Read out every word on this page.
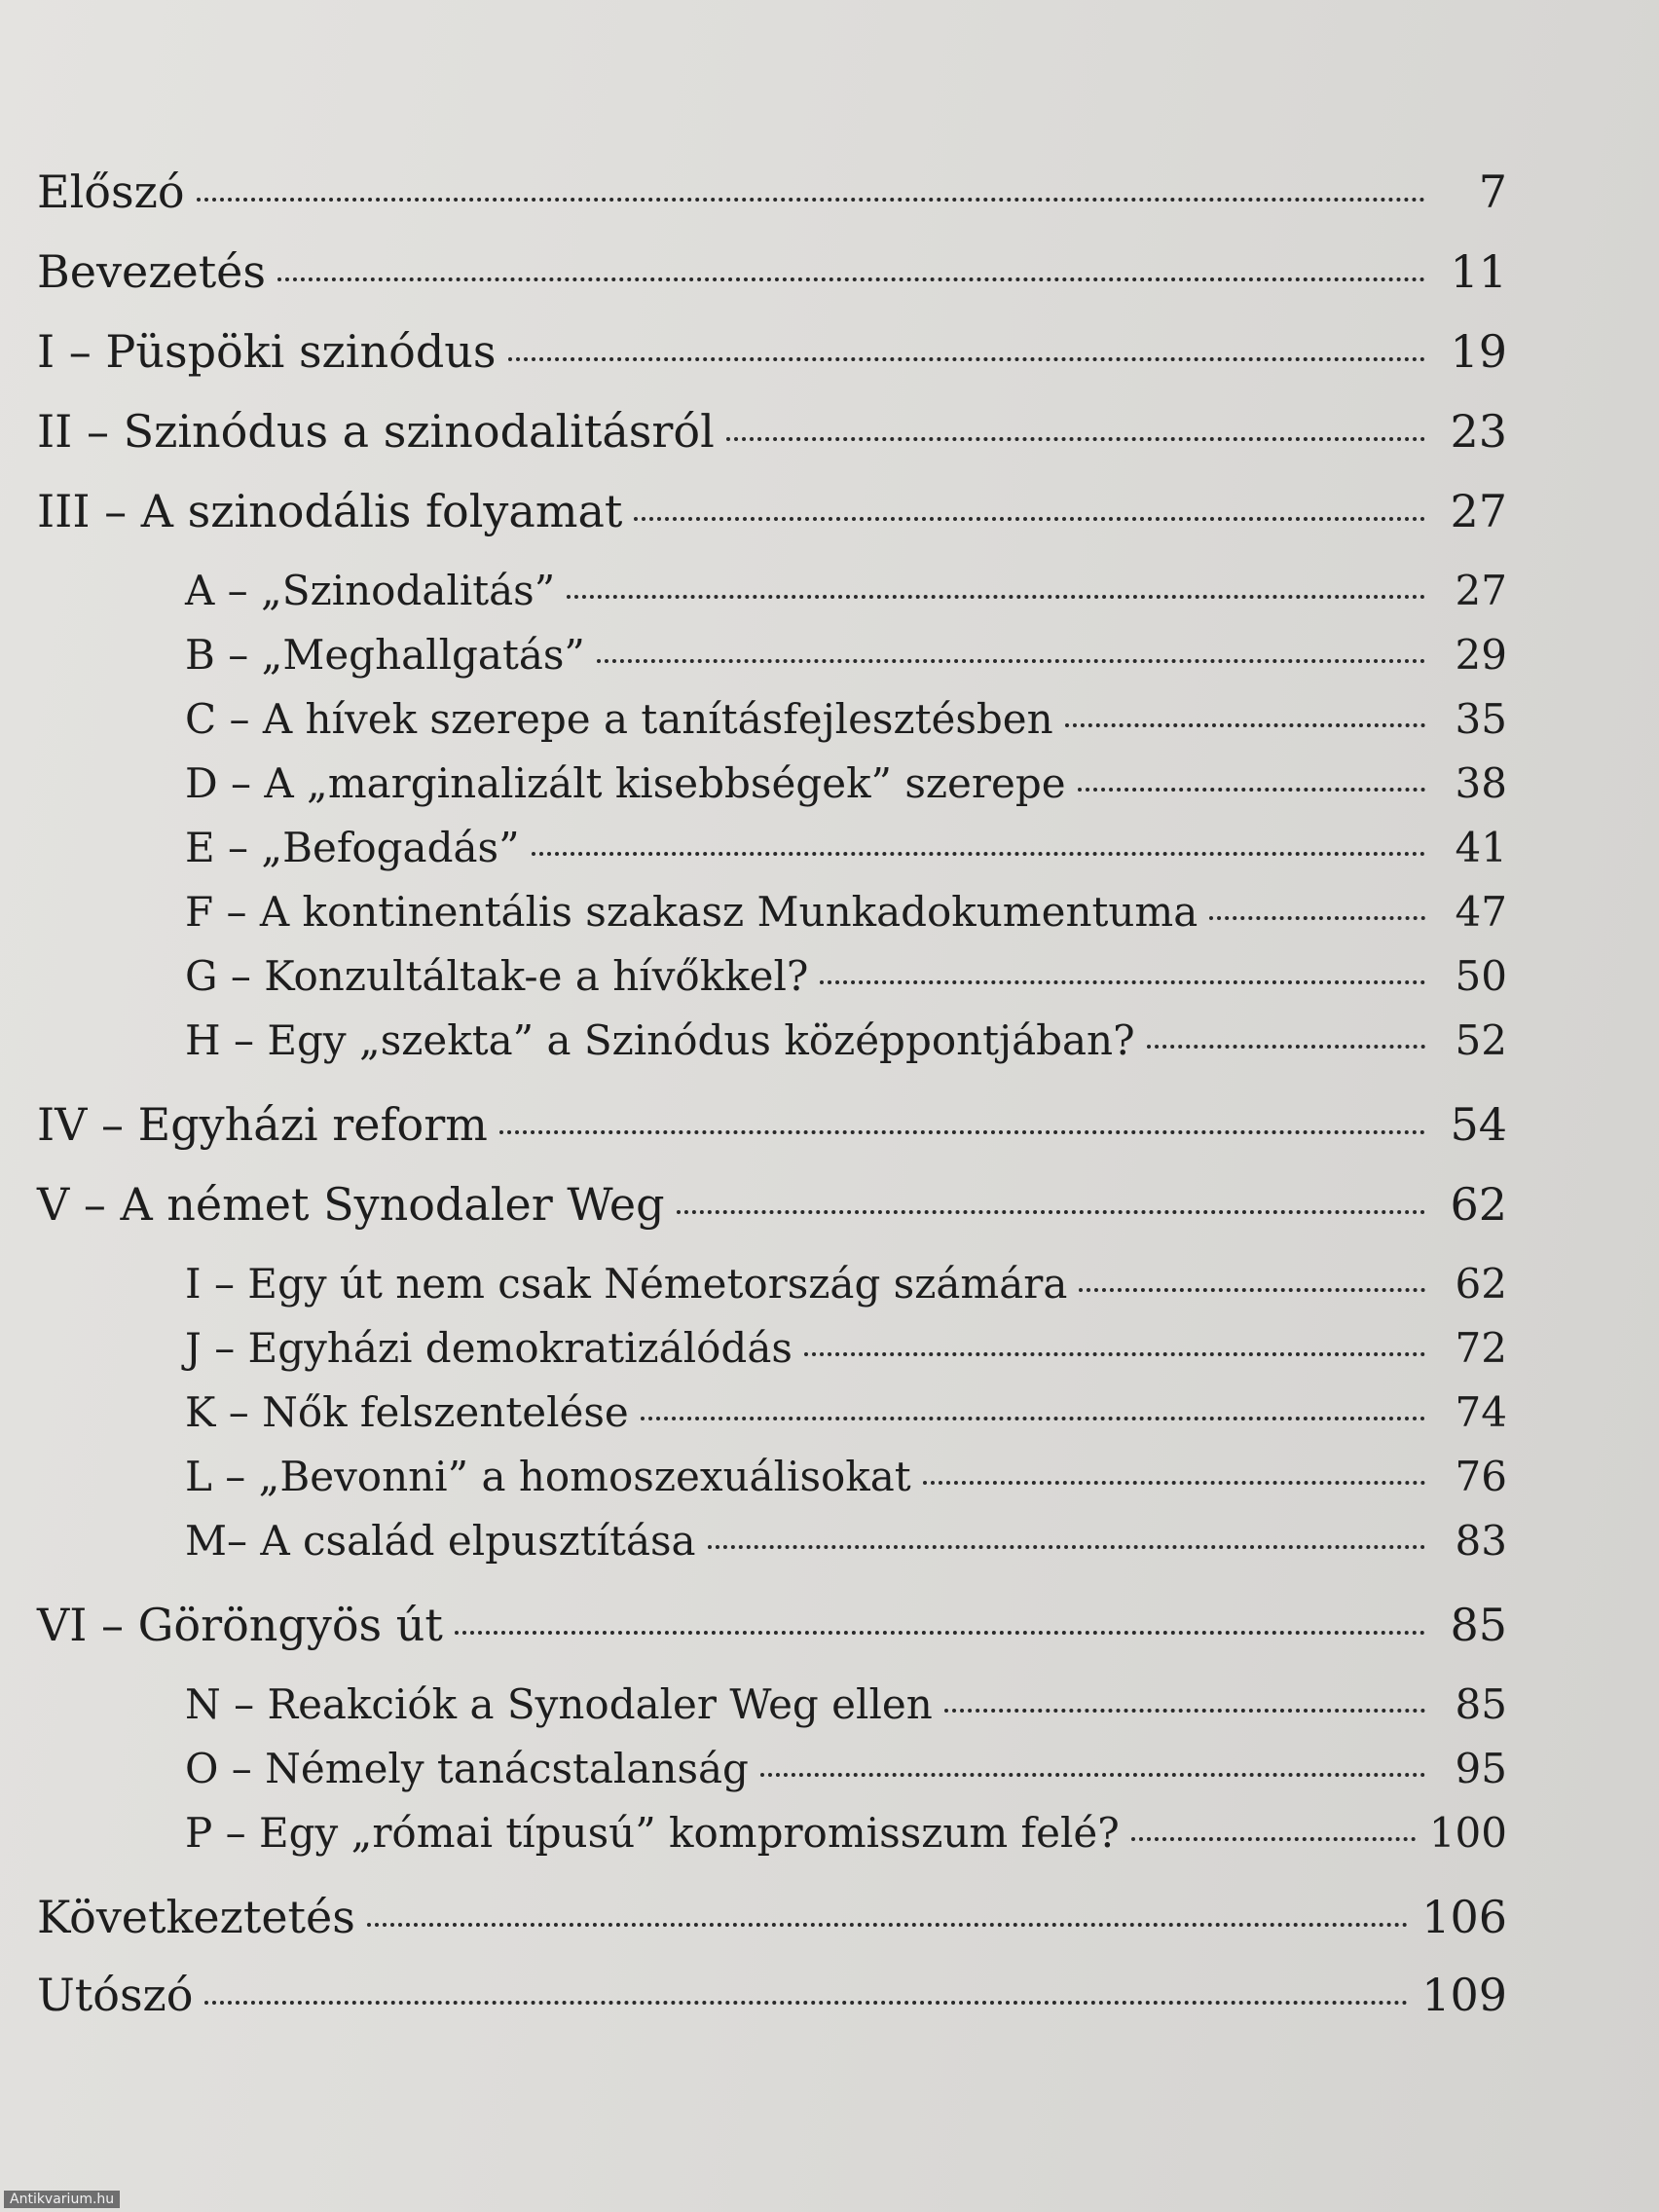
Előszó	7
Bevezetés	11
I – Püspöki szinódus	19
II – Szinódus a szinodalitásról	23
III – A szinodális folyamat	27
A – „Szinodalitás”	27
B – „Meghallgatás”	29
C – A hívek szerepe a tanításfejlesztésben	35
D – A „marginalizált kisebbségek” szerepe	38
E – „Befogadás”	41
F – A kontinentális szakasz Munkadokumentuma	47
G – Konzultáltak-e a hívőkkel?	50
H – Egy „szekta” a Szinódus középpontjában?	52
IV – Egyházi reform	54
V – A német Synodaler Weg	62
I – Egy út nem csak Németország számára	62
J – Egyházi demokratizálódás	72
K – Nők felszentelése	74
L – „Bevonni” a homoszexuálisokat	76
M– A család elpusztítása	83
VI – Göröngyös út	85
N – Reakciók a Synodaler Weg ellen	85
O – Némely tanácstalanság	95
P – Egy „római típusú” kompromisszum felé?	100
Következtetés	106
Utószó	109
Antikvarium.hu
